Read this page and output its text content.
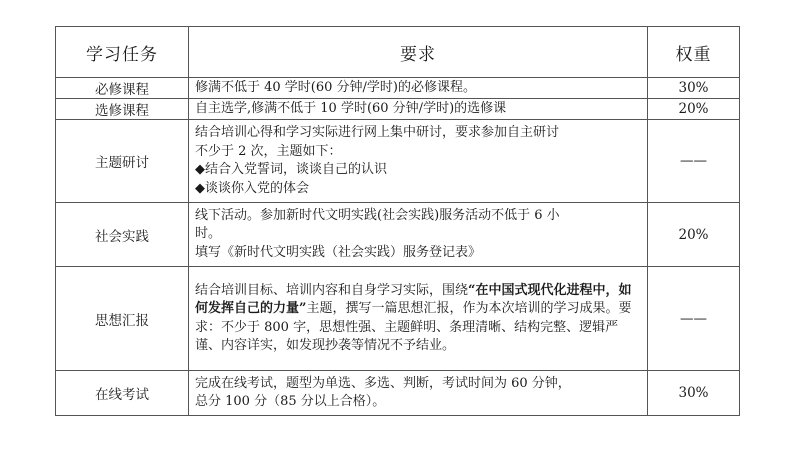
学习任务	要求	权重
必修课程	修满不低于 40 学时(60 分钟/学时)的必修课程。	30%
选修课程	自主选学,修满不低于 10 学时(60 分钟/学时)的选修课	20%
主题研讨	结合培训心得和学习实际进行网上集中研讨，要求参加自主研讨

不少于 2 次，主题如下：

◆结合入党誓词，谈谈自己的认识

◆谈谈你入党的体会	——
社会实践	线下活动。参加新时代文明实践(社会实践)服务活动不低于 6 小

时。

填写《新时代文明实践（社会实践）服务登记表》	20%
思想汇报	结合培训目标、培训内容和自身学习实际，围绕“在中国式现代化进程中，如何发挥自己的力量”主题，撰写一篇思想汇报，作为本次培训的学习成果。要求：不少于 800 字，思想性强、主题鲜明、条理清晰、结构完整、逻辑严谨、内容详实，如发现抄袭等情况不予结业。	——
在线考试	完成在线考试，题型为单选、多选、判断，考试时间为 60 分钟，

总分 100 分（85 分以上合格）。	30%
